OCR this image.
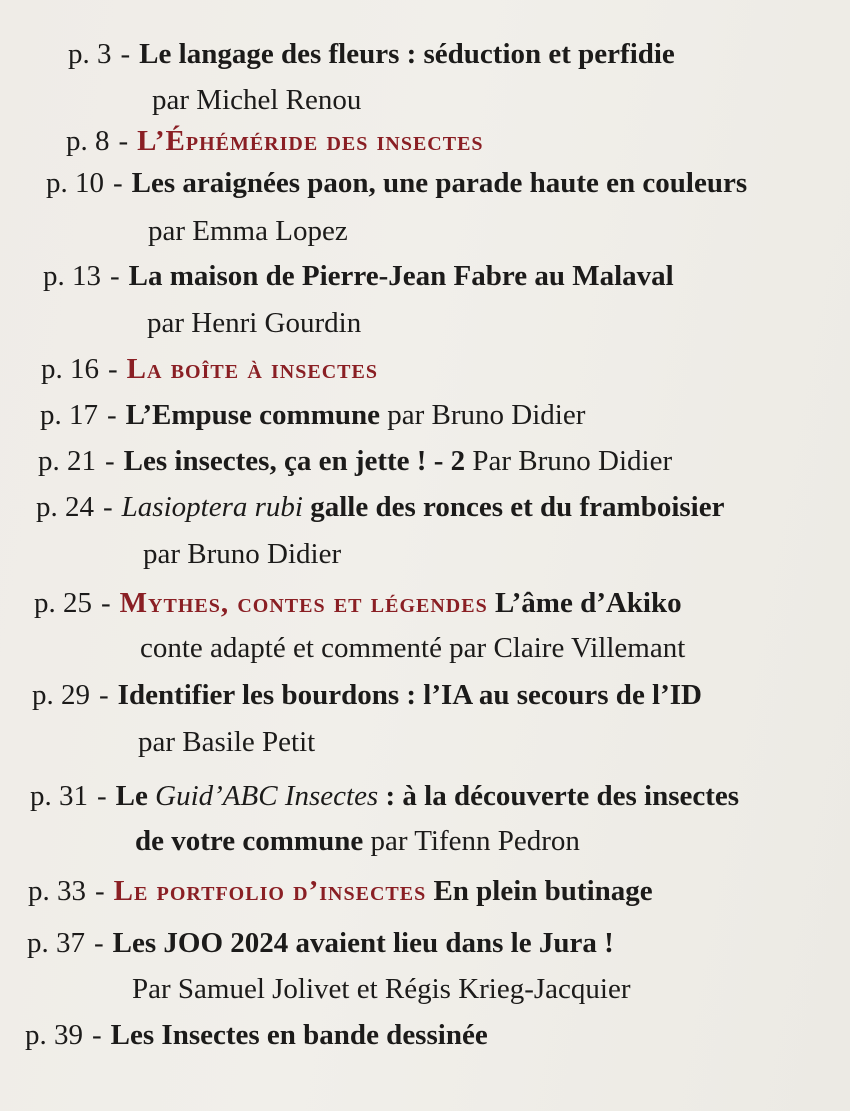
p. 3 - Le langage des fleurs : séduction et perfidie
par Michel Renou
p. 8 - L’Éphéméride des insectes
p. 10 - Les araignées paon, une parade haute en couleurs
par Emma Lopez
p. 13 - La maison de Pierre-Jean Fabre au Malaval
par Henri Gourdin
p. 16 - La boîte à insectes
p. 17 - L’Empuse commune par Bruno Didier
p. 21 - Les insectes, ça en jette ! - 2 Par Bruno Didier
p. 24 - Lasioptera rubi galle des ronces et du framboisier
par Bruno Didier
p. 25 - Mythes, contes et légendes L’âme d’Akiko
conte adapté et commenté par Claire Villemant
p. 29 - Identifier les bourdons : l’IA au secours de l’ID
par Basile Petit
p. 31 - Le Guid’ABC Insectes : à la découverte des insectes
de votre commune par Tifenn Pedron
p. 33 - Le portfolio d’insectes En plein butinage
p. 37 - Les JOO 2024 avaient lieu dans le Jura !
Par Samuel Jolivet et Régis Krieg-Jacquier
p. 39 - Les Insectes en bande dessinée
